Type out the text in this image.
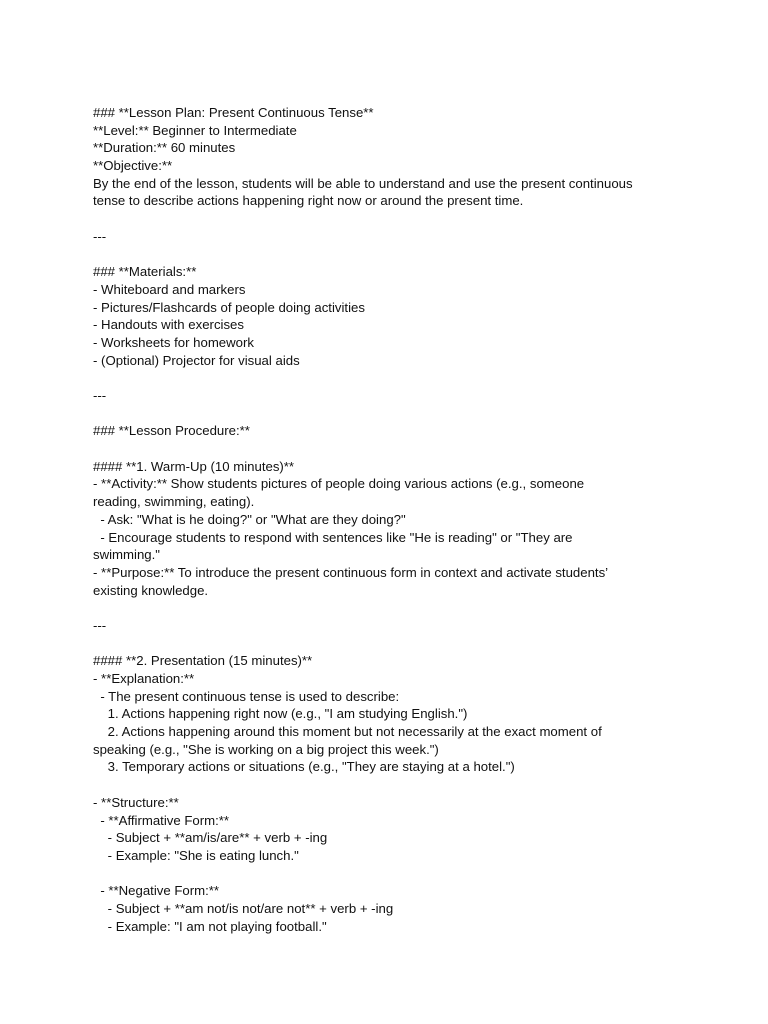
### **Lesson Plan: Present Continuous Tense**
**Level:** Beginner to Intermediate
**Duration:** 60 minutes
**Objective:**
By the end of the lesson, students will be able to understand and use the present continuous
tense to describe actions happening right now or around the present time.
---
### **Materials:**
- Whiteboard and markers
- Pictures/Flashcards of people doing activities
- Handouts with exercises
- Worksheets for homework
- (Optional) Projector for visual aids
---
### **Lesson Procedure:**
#### **1. Warm-Up (10 minutes)**
- **Activity:** Show students pictures of people doing various actions (e.g., someone
reading, swimming, eating).
- Ask: "What is he doing?" or "What are they doing?"
- Encourage students to respond with sentences like "He is reading" or "They are
swimming."
- **Purpose:** To introduce the present continuous form in context and activate students’
existing knowledge.
---
#### **2. Presentation (15 minutes)**
- **Explanation:**
- The present continuous tense is used to describe:
1. Actions happening right now (e.g., "I am studying English.")
2. Actions happening around this moment but not necessarily at the exact moment of
speaking (e.g., "She is working on a big project this week.")
3. Temporary actions or situations (e.g., "They are staying at a hotel.")
- **Structure:**
- **Affirmative Form:**
- Subject + **am/is/are** + verb + -ing
- Example: "She is eating lunch."
- **Negative Form:**
- Subject + **am not/is not/are not** + verb + -ing
- Example: "I am not playing football."
